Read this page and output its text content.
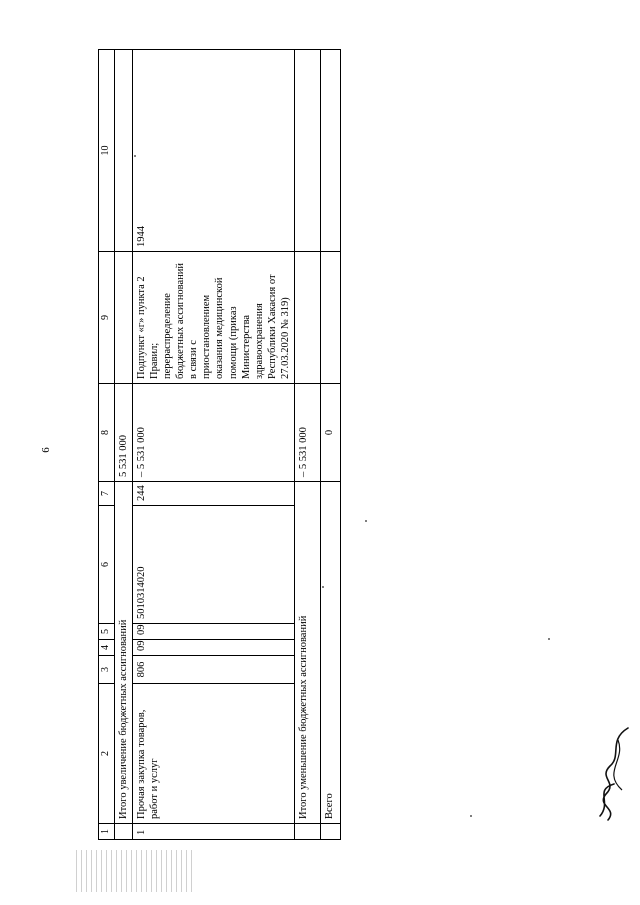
6
1	2	3	4	5	6	7	8	9	10
	Итого увеличение бюджетных ассигнований						5 531 000		
1	Прочая закупка товаров, работ и услуг	806	09	09	5010314020	244	– 5 531 000	Подпункт «г» пункта 2 Правил; перераспределение бюджетных ассигнований в связи с приостановлением оказания медицинской помощи (приказ Министерства здравоохранения Республики Хакасия от 27.03.2020 № 319)	1944
	Итого уменьшение бюджетных ассигнований						– 5 531 000		
	Всего						0		
